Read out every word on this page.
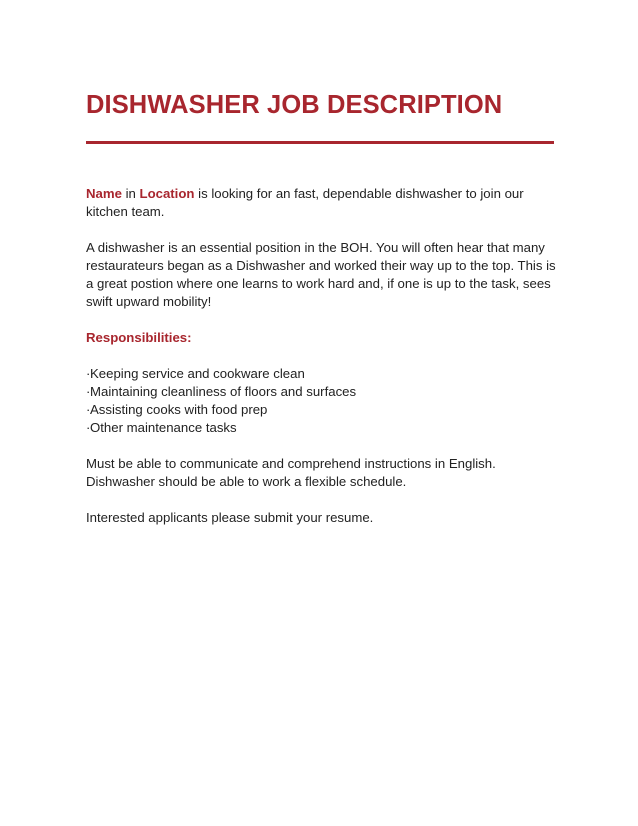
DISHWASHER JOB DESCRIPTION

Name in Location is looking for an fast, dependable dishwasher to join our kitchen team.

A dishwasher is an essential position in the BOH. You will often hear that many restaurateurs began as a Dishwasher and worked their way up to the top. This is a great postion where one learns to work hard and, if one is up to the task, sees swift upward mobility!

Responsibilities:

·Keeping service and cookware clean
·Maintaining cleanliness of floors and surfaces
·Assisting cooks with food prep
·Other maintenance tasks

Must be able to communicate and comprehend instructions in English.

Dishwasher should be able to work a flexible schedule.

Interested applicants please submit your resume.
